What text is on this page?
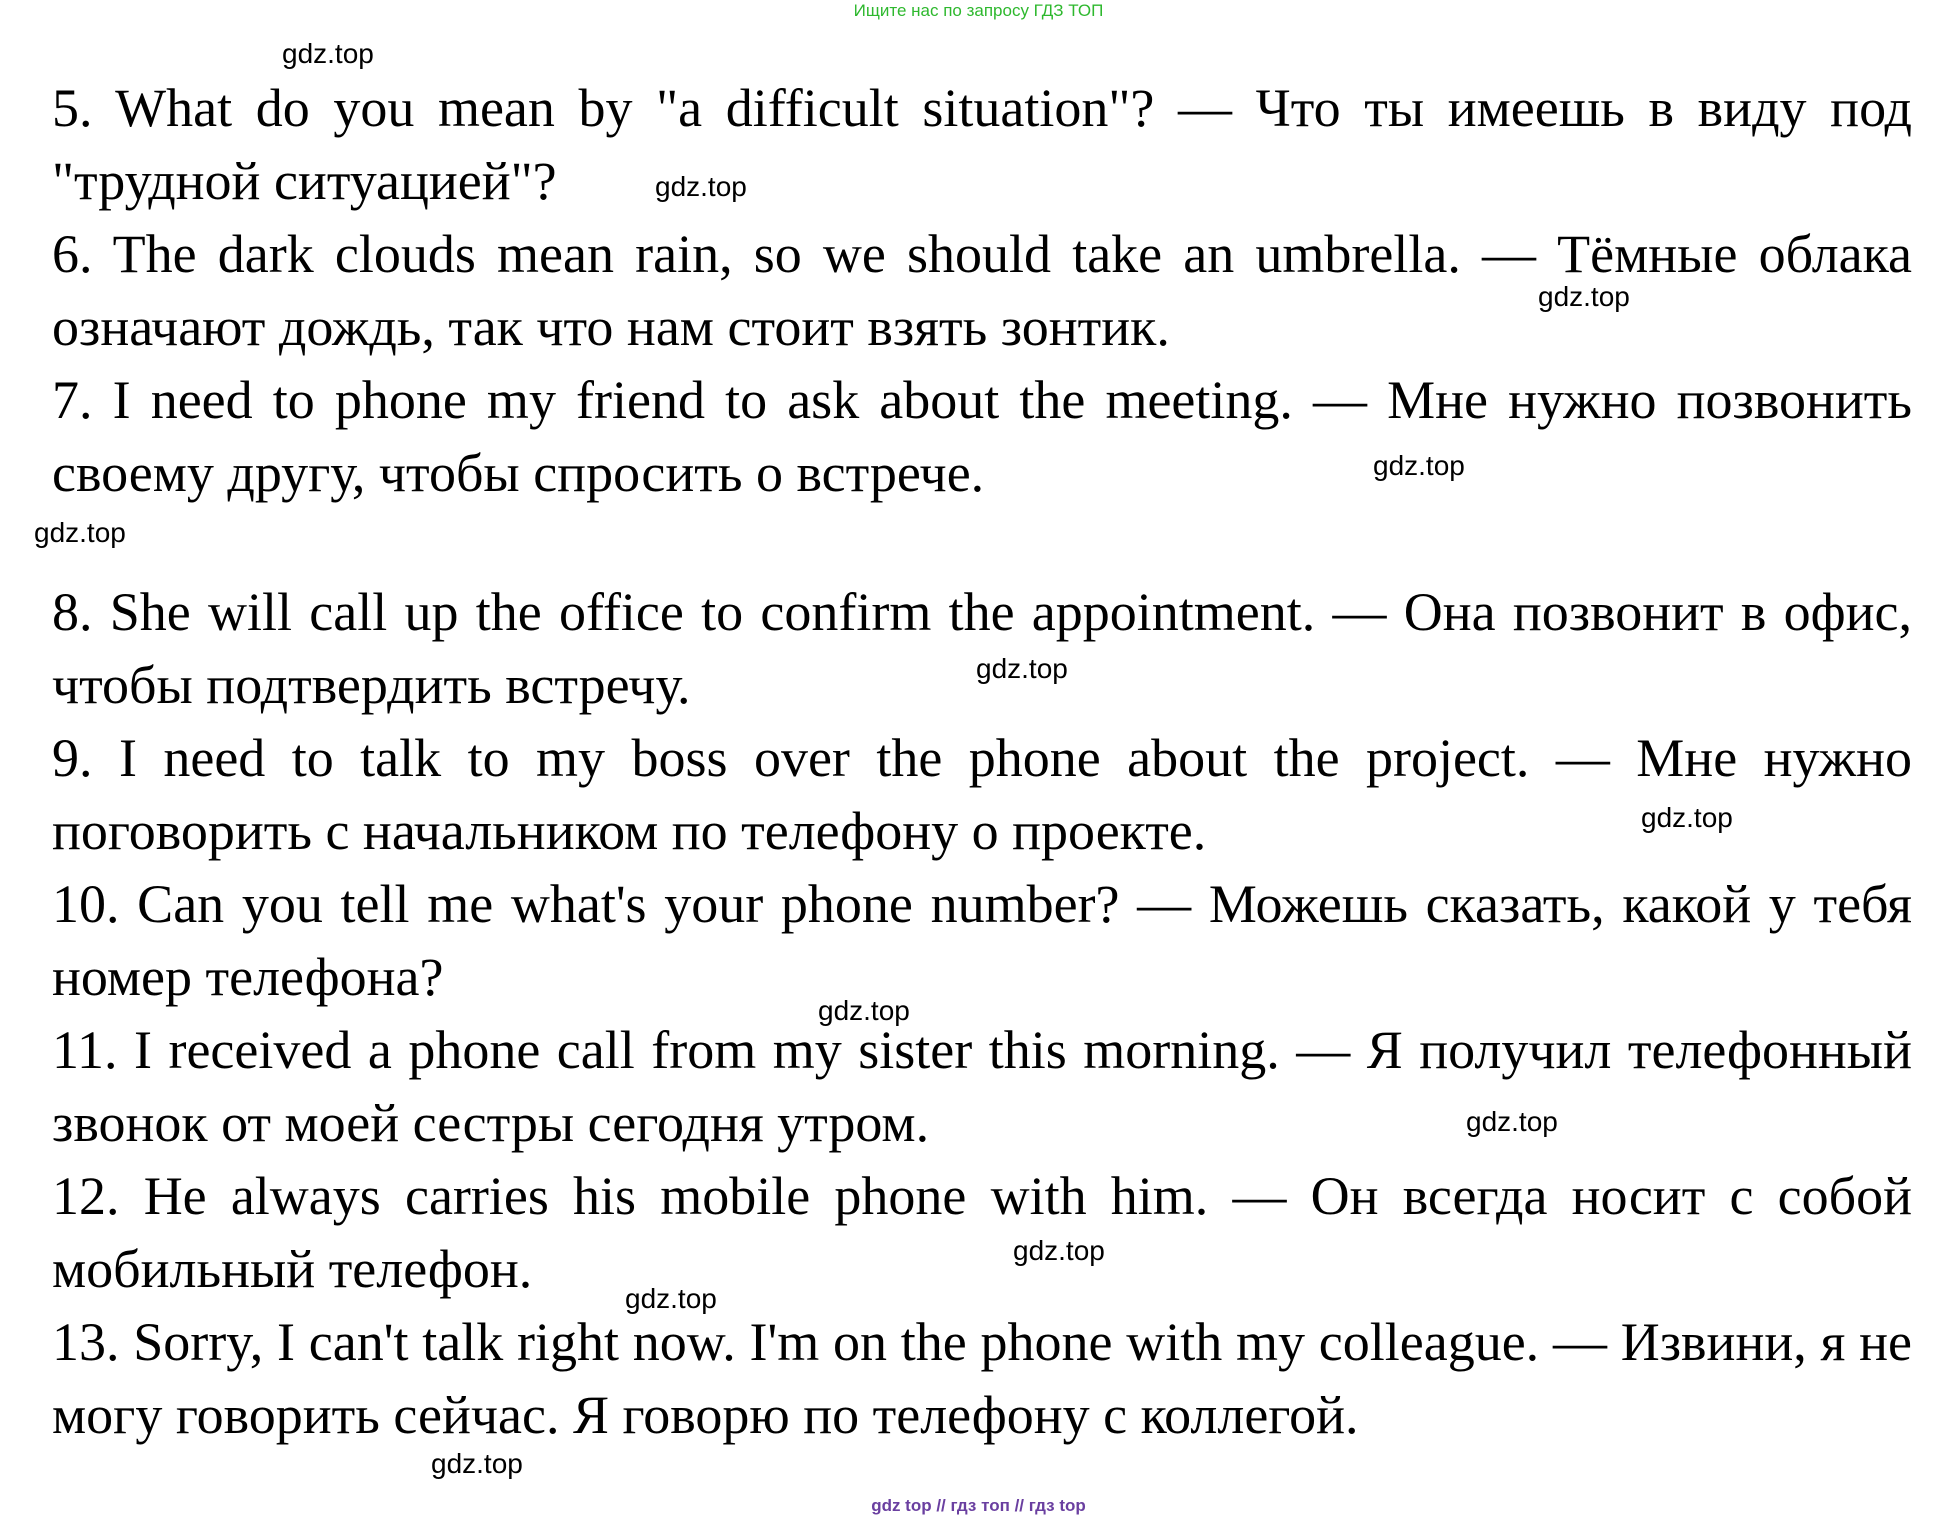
Ищите нас по запросу ГДЗ ТОП

5. What do you mean by "a difficult situation"? — Что ты имеешь в виду под "трудной ситуацией"?

6. The dark clouds mean rain, so we should take an umbrella. — Тёмные облака означают дождь, так что нам стоит взять зонтик.

7. I need to phone my friend to ask about the meeting. — Мне нужно позвонить своему другу, чтобы спросить о встрече.

8. She will call up the office to confirm the appointment. — Она позвонит в офис, чтобы подтвердить встречу.

9. I need to talk to my boss over the phone about the project. — Мне нужно поговорить с начальником по телефону о проекте.

10. Can you tell me what's your phone number? — Можешь сказать, какой у тебя номер телефона?

11. I received a phone call from my sister this morning. — Я получил телефонный звонок от моей сестры сегодня утром.

12. He always carries his mobile phone with him. — Он всегда носит с собой мобильный телефон.

13. Sorry, I can't talk right now. I'm on the phone with my colleague. — Извини, я не могу говорить сейчас. Я говорю по телефону с коллегой.

gdz.top
gdz.top
gdz.top
gdz.top
gdz.top
gdz.top
gdz.top
gdz.top
gdz.top
gdz.top
gdz.top
gdz.top
gdz top // гдз топ // гдз top
